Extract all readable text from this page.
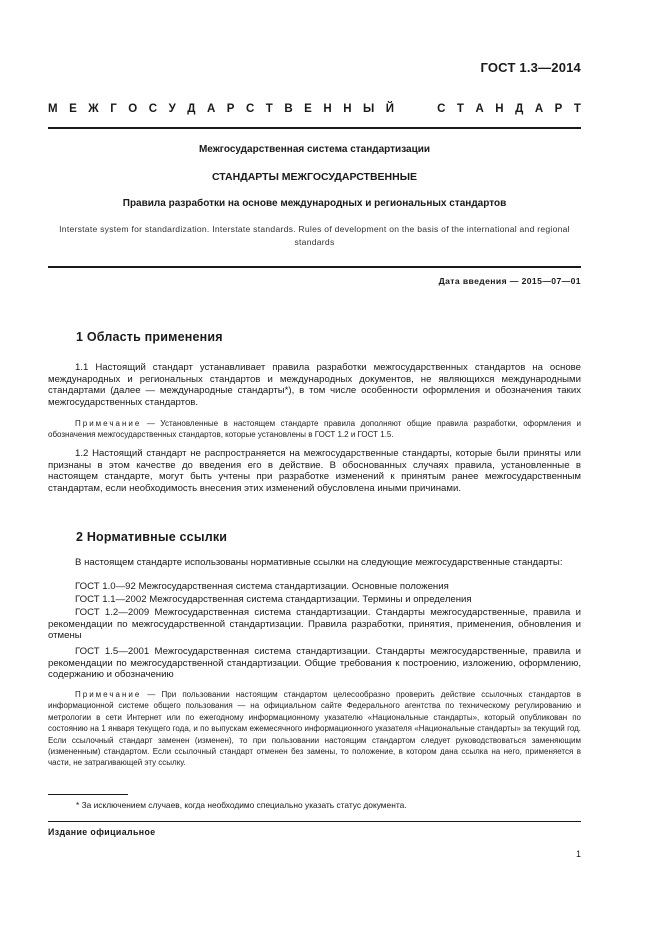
ГОСТ 1.3—2014
М Е Ж Г О С У Д А Р С Т В Е Н Н Ы Й	С Т А Н Д А Р Т
Межгосударственная система стандартизации
СТАНДАРТЫ МЕЖГОСУДАРСТВЕННЫЕ
Правила разработки на основе международных и региональных стандартов
Interstate system for standardization. Interstate standards. Rules of development on the basis of the international and regional standards
Дата введения — 2015—07—01
1 Область применения
1.1 Настоящий стандарт устанавливает правила разработки межгосударственных стандартов на основе международных и региональных стандартов и международных документов, не являющихся международными стандартами (далее — международные стандарты*), в том числе особенности оформления и обозначения таких межгосударственных стандартов.
Примечание — Установленные в настоящем стандарте правила дополняют общие правила разработки, оформления и обозначения межгосударственных стандартов, которые установлены в ГОСТ 1.2 и ГОСТ 1.5.
1.2 Настоящий стандарт не распространяется на межгосударственные стандарты, которые были приняты или признаны в этом качестве до введения его в действие. В обоснованных случаях правила, установленные в настоящем стандарте, могут быть учтены при разработке изменений к принятым ранее межгосударственным стандартам, если необходимость внесения этих изменений обусловлена иными причинами.
2 Нормативные ссылки
В настоящем стандарте использованы нормативные ссылки на следующие межгосударственные стандарты:
ГОСТ 1.0—92 Межгосударственная система стандартизации. Основные положения
ГОСТ 1.1—2002 Межгосударственная система стандартизации. Термины и определения
ГОСТ 1.2—2009 Межгосударственная система стандартизации. Стандарты межгосударственные, правила и рекомендации по межгосударственной стандартизации. Правила разработки, принятия, применения, обновления и отмены
ГОСТ 1.5—2001 Межгосударственная система стандартизации. Стандарты межгосударственные, правила и рекомендации по межгосударственной стандартизации. Общие требования к построению, изложению, оформлению, содержанию и обозначению
Примечание — При пользовании настоящим стандартом целесообразно проверить действие ссылочных стандартов в информационной системе общего пользования — на официальном сайте Федерального агентства по техническому регулированию и метрологии в сети Интернет или по ежегодному информационному указателю «Национальные стандарты», который опубликован по состоянию на 1 января текущего года, и по выпускам ежемесячного информационного указателя «Национальные стандарты» за текущий год. Если ссылочный стандарт заменен (изменен), то при пользовании настоящим стандартом следует руководствоваться заменяющим (измененным) стандартом. Если ссылочный стандарт отменен без замены, то положение, в котором дана ссылка на него, применяется в части, не затрагивающей эту ссылку.
* За исключением случаев, когда необходимо специально указать статус документа.
Издание официальное
1
